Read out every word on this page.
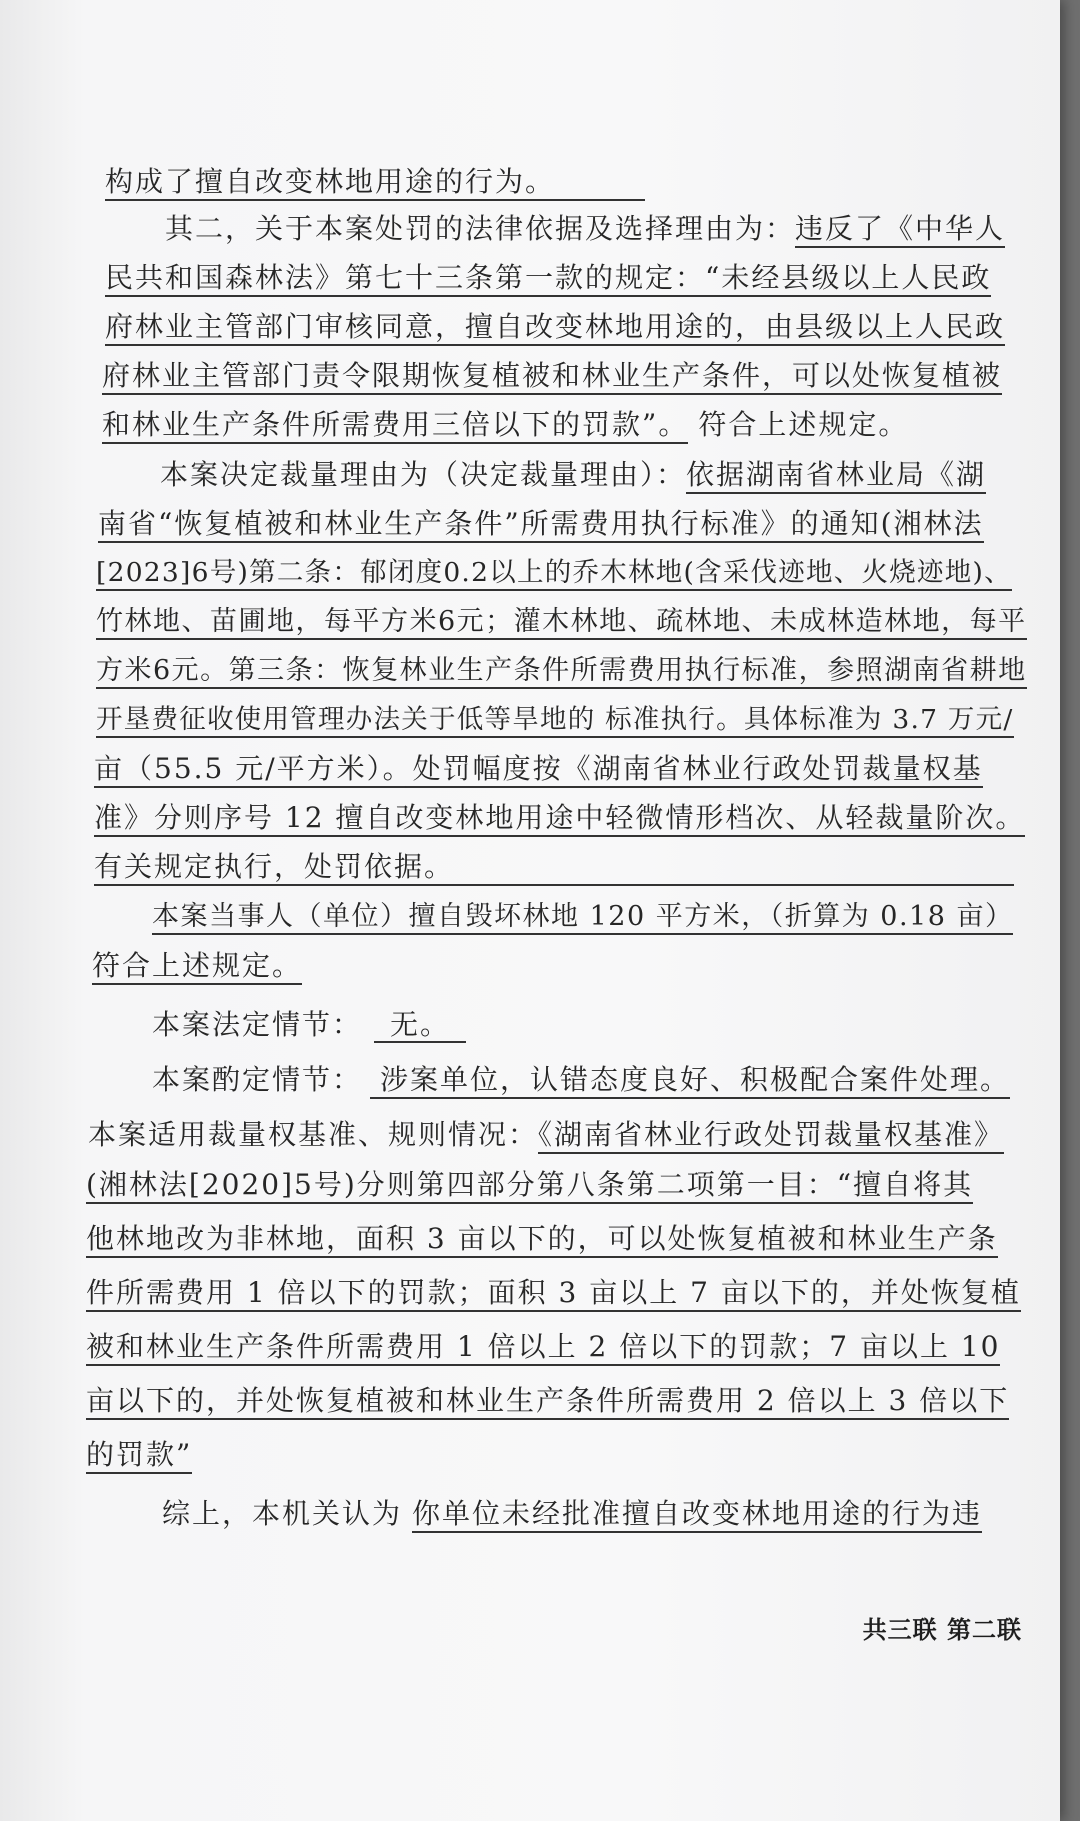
构成了擅自改变林地用途的行为。
其二，关于本案处罚的法律依据及选择理由为：违反了《中华人
民共和国森林法》第七十三条第一款的规定：“未经县级以上人民政
府林业主管部门审核同意，擅自改变林地用途的，由县级以上人民政
府林业主管部门责令限期恢复植被和林业生产条件，可以处恢复植被
和林业生产条件所需费用三倍以下的罚款”。 符合上述规定。
本案决定裁量理由为（决定裁量理由）：依据湖南省林业局《湖
南省“恢复植被和林业生产条件”所需费用执行标准》的通知(湘林法
[2023]6号)第二条：郁闭度0.2以上的乔木林地(含采伐迹地、火烧迹地)、
竹林地、苗圃地，每平方米6元；灌木林地、疏林地、未成林造林地，每平
方米6元。第三条：恢复林业生产条件所需费用执行标准，参照湖南省耕地
开垦费征收使用管理办法关于低等旱地的 标准执行。具体标准为 3.7 万元/
亩（55.5 元/平方米）。处罚幅度按《湖南省林业行政处罚裁量权基
准》分则序号 12 擅自改变林地用途中轻微情形档次、从轻裁量阶次。
有关规定执行，处罚依据。
本案当事人（单位）擅自毁坏林地 120 平方米，（折算为 0.18 亩）
符合上述规定。
本案法定情节： 无。
本案酌定情节： 涉案单位，认错态度良好、积极配合案件处理。
本案适用裁量权基准、规则情况：《湖南省林业行政处罚裁量权基准》
(湘林法[2020]5号)分则第四部分第八条第二项第一目：“擅自将其
他林地改为非林地，面积 3 亩以下的，可以处恢复植被和林业生产条
件所需费用 1 倍以下的罚款；面积 3 亩以上 7 亩以下的，并处恢复植
被和林业生产条件所需费用 1 倍以上 2 倍以下的罚款；7 亩以上 10
亩以下的，并处恢复植被和林业生产条件所需费用 2 倍以上 3 倍以下
的罚款”
综上，本机关认为 你单位未经批准擅自改变林地用途的行为违
共三联 第二联
